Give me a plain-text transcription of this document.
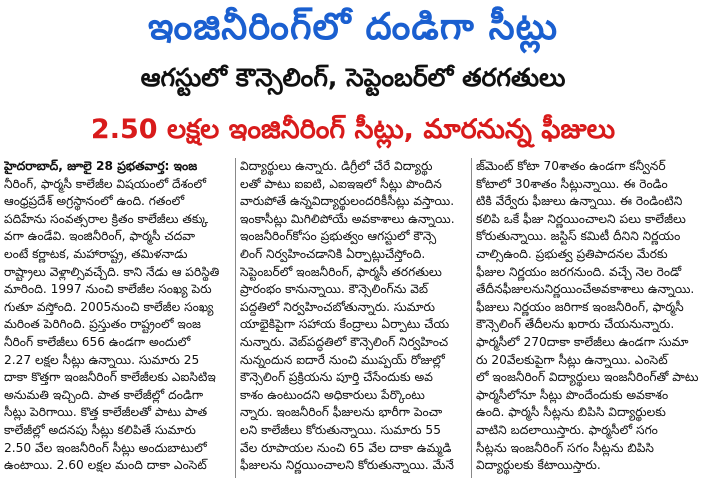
ఇంజినీరింగ్‌లో దండిగా సీట్లు
ఆగస్టులో కౌన్సెలింగ్, సెప్టెంబర్‌లో తరగతులు
2.50 లక్షల ఇంజినీరింగ్ సీట్లు, మారనున్న ఫీజులు
హైదరాబాద్, జూలై 28 ప్రభతవార్త: ఇంజ
నీరింగ్, ఫార్మసీ కాలేజీల విషయంలో దేశంలో
ఆంధ్రప్రదేశ్ అగ్రస్థానంలో ఉంది. గతంలో
పదిహేను సంవత్సరాల క్రితం కాలేజీలు తక్కు
వగా ఉండేవి. ఇంజినీరింగ్, ఫార్మసీ చదవా
లంటే కర్ణాటక, మహారాష్ట్ర, తమిళనాడు
రాష్ట్రాలు వెళ్లాల్సివచ్చేది. కాని నేడు ఆ పరిస్థితి
మారింది. 1997 నుంచి కాలేజీల సంఖ్య పెరు
గుతూ వస్తోంది. 2005నుంచి కాలేజీల సంఖ్య
మరింత పెరిగింది. ప్రస్తుతం రాష్ట్రంలో ఇంజ
నీరింగ్ కాలేజీలు 656 ఉండగా అందులో
2.27 లక్షల సీట్లు ఉన్నాయి. సుమారు 25
దాకా కొత్తగా ఇంజనీరింగ్ కాలేజీలకు ఎఐసిటిఇ
అనుమతి ఇచ్చింది. పాత కాలేజీల్లో దండిగా
సీట్లు పెరిగాయి. కొత్త కాలేజీలతో పాటు పాత
కాలేజీల్లో అదనపు సీట్లు కలిపితే సుమారు
2.50 వేల ఇంజనీరింగ్ సీట్లు అందుబాటులో
ఉంటాయి. 2.60 లక్షల మంది దాకా ఎంసెట్
విద్యార్థులు ఉన్నారు. డిగ్రీలో చేరే విద్యార్థు
లతో పాటు ఐఐటి, ఎఐఇఇలో సీట్లు పొందిన
వారుపోతే ఉన్నవిద్యార్థులందరికీసీట్లు వస్తాయి.
ఇంకాసీట్లు మిగిలిపోయే అవకాశాలు ఉన్నాయి.
ఇంజనీరింగ్‌కోసం ప్రభుత్వం ఆగస్టులో కౌన్సె
లింగ్ నిర్వహించడానికి ఏర్పాట్లుచేస్తోంది.
సెప్టెంబర్‌లో ఇంజనీరింగ్, ఫార్మసీ తరగతులు
ప్రారంభం కానున్నాయి. కౌన్సెలింగ్‌ను వెబ్
పద్ధతిలో నిర్వహించబోతున్నారు. సుమారు
యాభైకిపైగా సహాయ కేంద్రాలు ఏర్పాటు చేయ
నున్నారు. వెబ్‌పద్ధతిలో కౌన్సెలింగ్ నిర్వహించ
నున్నందున ఐదారే నుంచి ముప్పయ్ రోజుల్లో
కౌన్సెలింగ్ ప్రక్రియను పూర్తి చేసేందుకు అవ
కాశం ఉంటుందని అధికారులు పేర్కొంటు
న్నారు. ఇంజనీరింగ్ ఫీజులను భారీగా పెంచా
లని కాలేజీలు కోరుతున్నాయి. సుమారు 55
వేల రూపాయల నుంచి 65 వేల దాకా ఉమ్మడి
ఫీజులను నిర్ణయించాలని కోరుతున్నాయి. మేనే
జ్‌మెంట్ కోటా 70శాతం ఉండగా కన్వీనర్
కోటాలో 30శాతం సీట్లున్నాయి. ఈ రెండిం
టికి వేర్వేరు ఫీజులు ఉన్నాయి. ఈ రెండింటిని
కలిపి ఒకే ఫీజు నిర్ణయించాలని పలు కాలేజీలు
కోరుతున్నాయి. జస్టిస్ కమిటీ దీనిని నిర్ణయం
చాల్సిఉంది. ప్రభుత్వ ప్రతిపాదనల మేరకు
ఫీజుల నిర్ణయం జరగనుంది. వచ్చే నెల రెండో
తేదీనఫీజులనునిర్ణయించేఅవకాశాలు ఉన్నాయి.
ఫీజులు నిర్ణయం జరిగాక ఇంజనీరింగ్, ఫార్మసీ
కౌన్సెలింగ్ తేదీలను ఖరారు చేయనున్నారు.
ఫార్మసీలో 270దాకా కాలేజీలు ఉండగా సుమా
రు 20వేలకుపైగా సీట్లు ఉన్నాయి. ఎంసెట్
లో ఇంజనీరింగ్ విద్యార్థులు ఇంజనీరింగ్‌తో పాటు
ఫార్మసీలోనూ సీట్లు పొందేందుకు అవకాశం
ఉంది. ఫార్మసీ సీట్లను బిపిసి విద్యార్థులకు
వాటిని బదలాయిస్తారు. ఫార్మసీలో సగం
సీట్లను ఇంజనీరింగ్ సగం సీట్లను బిపిసి
విద్యార్థులకు కేటాయిస్తారు.
